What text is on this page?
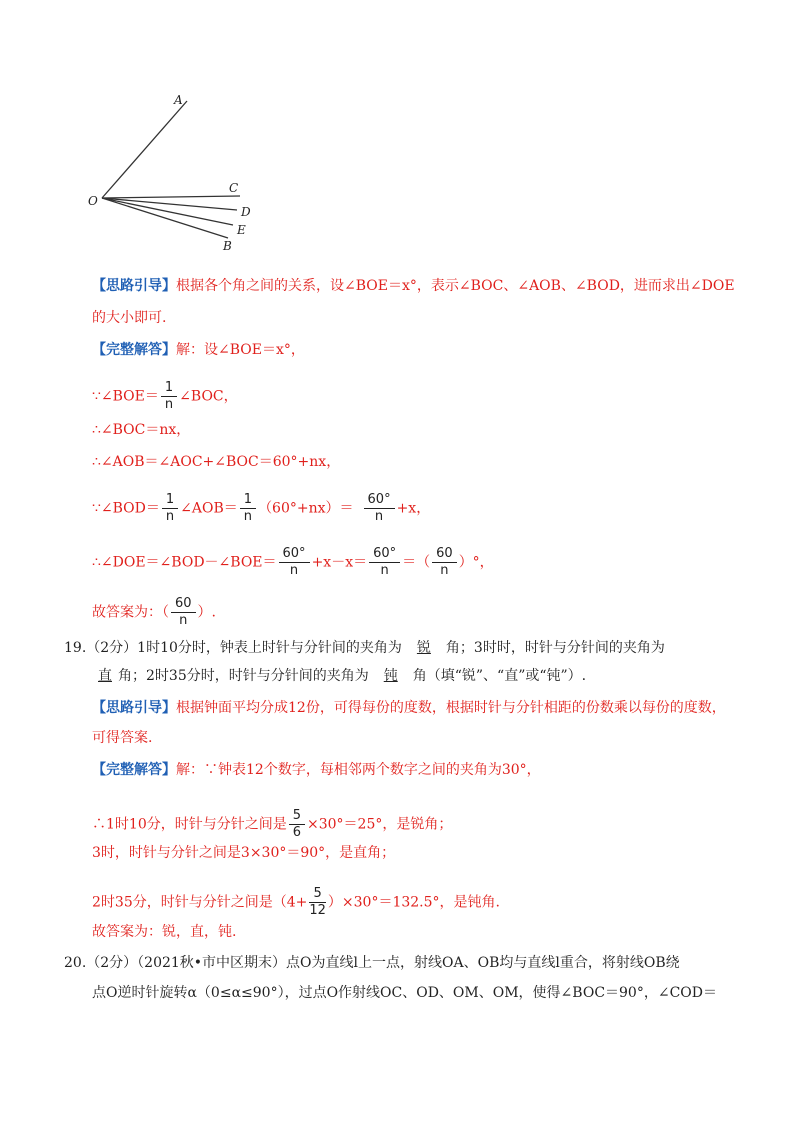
O
A
C
D
E
B
【思路引导】根据各个角之间的关系，设∠BOE＝x°，表示∠BOC、∠AOB、∠BOD，进而求出∠DOE
的大小即可.
【完整解答】解：设∠BOE＝x°，
∵∠BOE＝ $\frac{1}{n}$ ∠BOC，
∴∠BOC＝nx，
∴∠AOB＝∠AOC+∠BOC＝60°+nx，
∵∠BOD＝ $\frac{1}{n}$ ∠AOB＝ $\frac{1}{n} (60^\circ+nx)= \frac{60^\circ}{n} +x$，
∴∠DOE＝∠BOD－∠BOE＝ $\frac{60^\circ}{n} +x-x= \frac{60^\circ}{n}$ ＝（ $\frac{60}{n}$ ）°，
故答案为：（ $\frac{60}{n}$ ）.
19.（2分）1时10分时，钟表上时针与分针间的夹角为 锐 角；3时时，时针与分针间的夹角为
直 角；2时35分时，时针与分针间的夹角为 钝 角（填“锐”、“直”或“钝”）.
【思路引导】根据钟面平均分成12份，可得每份的度数，根据时针与分针相距的份数乘以每份的度数，
可得答案.
【完整解答】解：∵钟表12个数字，每相邻两个数字之间的夹角为30°，
∴1时10分，时针与分针之间是 $\frac{5}{6} \times 30^\circ=25^\circ$，是锐角；
3时，时针与分针之间是3×30°＝90°，是直角；
2时35分，时针与分针之间是$(4+ \frac{5}{12} )\times 30^\circ=132.5^\circ$，是钝角.
故答案为：锐，直，钝.
20.（2分）（2021秋•市中区期末）点O为直线l上一点，射线OA、OB均与直线l重合，将射线OB绕
点O逆时针旋转α（0≤α≤90°），过点O作射线OC、OD、OM、OM，使得∠BOC＝90°，∠COD＝
